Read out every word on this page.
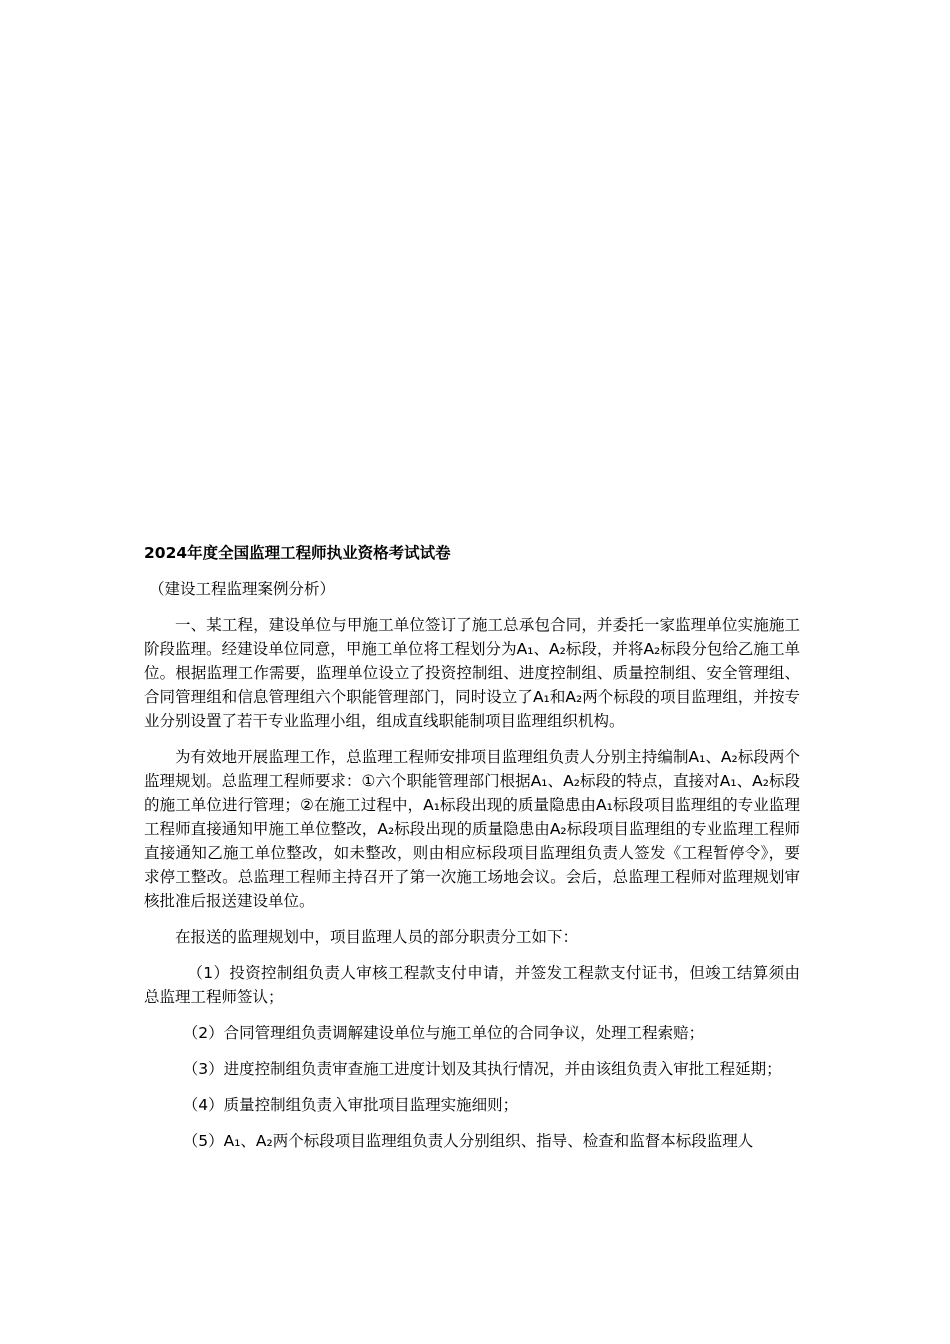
2024年度全国监理工程师执业资格考试试卷
（建设工程监理案例分析）

一、某工程，建设单位与甲施工单位签订了施工总承包合同，并委托一家监理单位实施施工阶段监理。经建设单位同意，甲施工单位将工程划分为A₁、A₂标段，并将A₂标段分包给乙施工单位。根据监理工作需要，监理单位设立了投资控制组、进度控制组、质量控制组、安全管理组、合同管理组和信息管理组六个职能管理部门，同时设立了A₁和A₂两个标段的项目监理组，并按专业分别设置了若干专业监理小组，组成直线职能制项目监理组织机构。

为有效地开展监理工作，总监理工程师安排项目监理组负责人分别主持编制A₁、A₂标段两个监理规划。总监理工程师要求：①六个职能管理部门根据A₁、A₂标段的特点，直接对A₁、A₂标段的施工单位进行管理；②在施工过程中，A₁标段出现的质量隐患由A₁标段项目监理组的专业监理工程师直接通知甲施工单位整改，A₂标段出现的质量隐患由A₂标段项目监理组的专业监理工程师直接通知乙施工单位整改，如未整改，则由相应标段项目监理组负责人签发《工程暂停令》，要求停工整改。总监理工程师主持召开了第一次施工场地会议。会后，总监理工程师对监理规划审核批准后报送建设单位。

在报送的监理规划中，项目监理人员的部分职责分工如下：

（1）投资控制组负责人审核工程款支付申请，并签发工程款支付证书，但竣工结算须由总监理工程师签认；

（2）合同管理组负责调解建设单位与施工单位的合同争议，处理工程索赔；

（3）进度控制组负责审查施工进度计划及其执行情况，并由该组负责入审批工程延期；

（4）质量控制组负责入审批项目监理实施细则；

（5）A₁、A₂两个标段项目监理组负责人分别组织、指导、检查和监督本标段监理人
